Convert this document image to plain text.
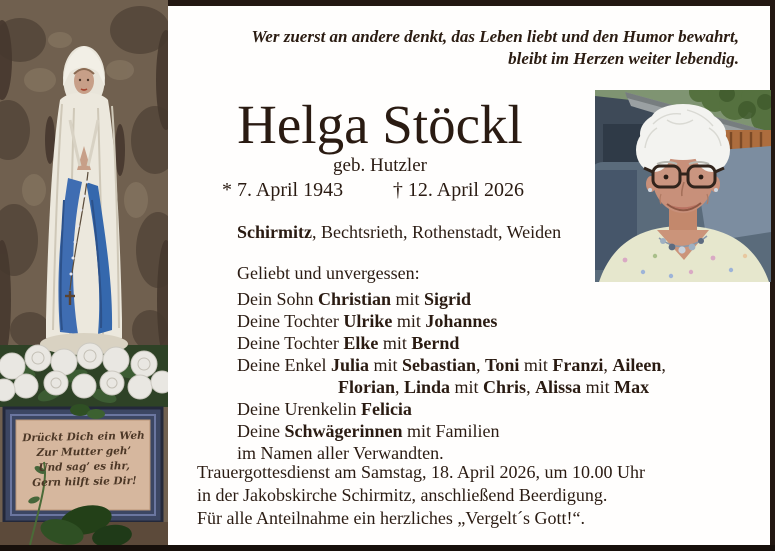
Drückt Dich ein Weh
Zur Mutter geh’
Und sag’ es ihr,
Gern hilft sie Dir!
Wer zuerst an andere denkt, das Leben liebt und den Humor bewahrt,
bleibt im Herzen weiter lebendig.
Helga Stöckl
geb. Hutzler
* 7. April 1943 † 12. April 2026
Schirmitz, Bechtsrieth, Rothenstadt, Weiden
Geliebt und unvergessen:
Dein Sohn Christian mit Sigrid
Deine Tochter Ulrike mit Johannes
Deine Tochter Elke mit Bernd
Deine Enkel Julia mit Sebastian, Toni mit Franzi, Aileen,
Florian, Linda mit Chris, Alissa mit Max
Deine Urenkelin Felicia
Deine Schwägerinnen mit Familien
im Namen aller Verwandten.
Trauergottesdienst am Samstag, 18. April 2026, um 10.00 Uhr
in der Jakobskirche Schirmitz, anschließend Beerdigung.
Für alle Anteilnahme ein herzliches „Vergelt´s Gott!“.
